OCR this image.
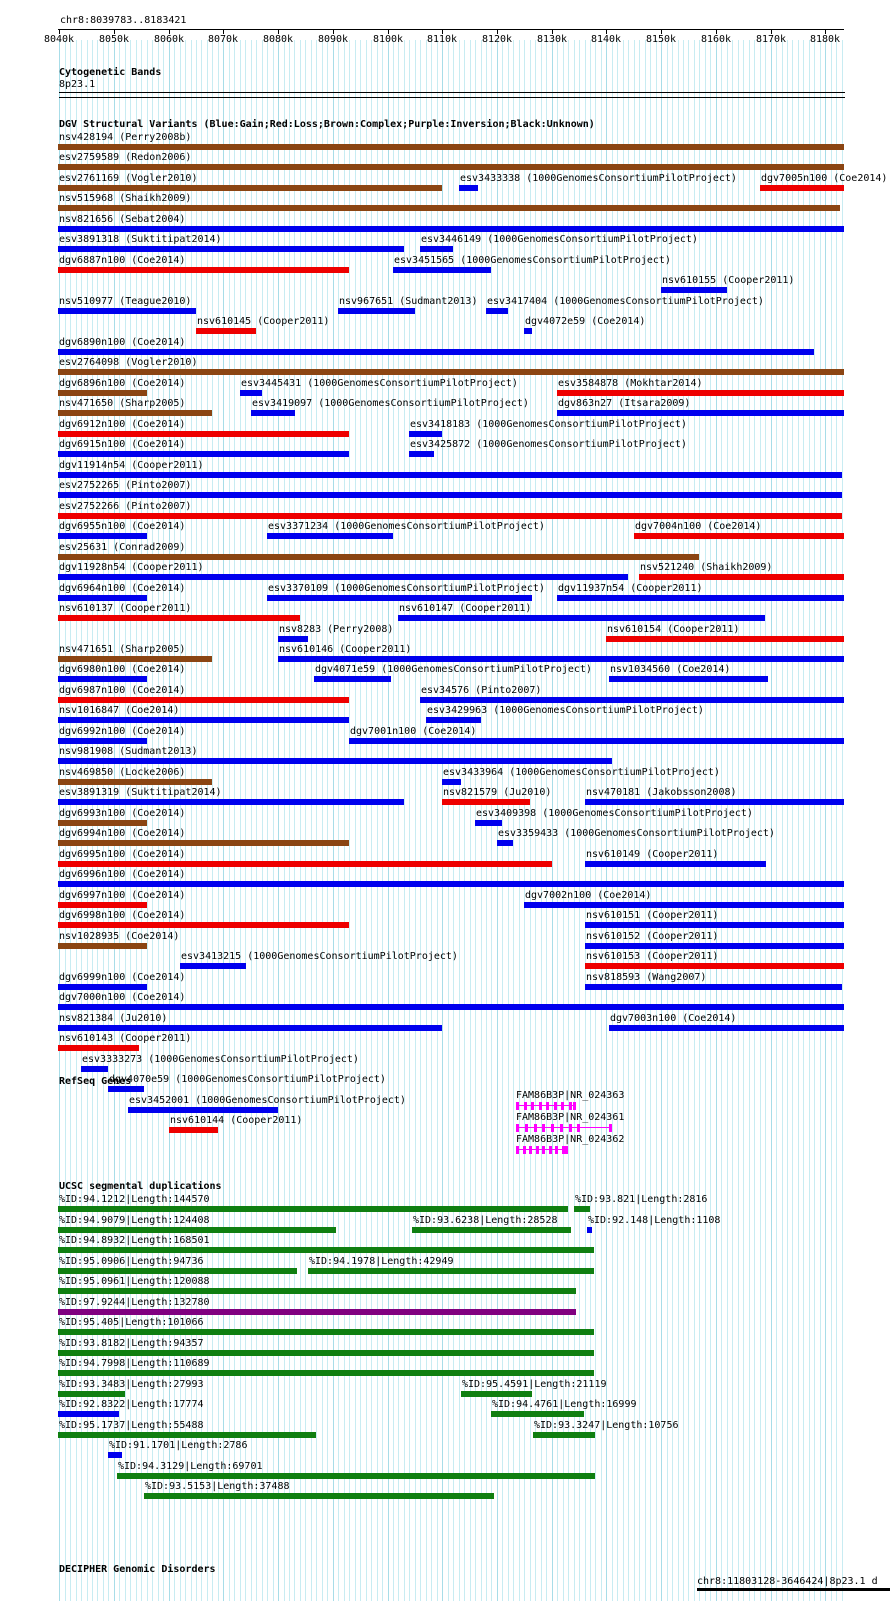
chr8:8039783..8183421
8040k 8050k 8060k 8070k 8080k 8090k 8100k 8110k 8120k 8130k 8140k 8150k 8160k 8170k 8180k
Cytogenetic Bands
8p23.1
DGV Structural Variants (Blue:Gain;Red:Loss;Brown:Complex;Purple:Inversion;Black:Unknown)
nsv428194 (Perry2008b)
esv2759589 (Redon2006)
esv2761169 (Vogler2010)	esv3433338 (1000GenomesConsortiumPilotProject) dgv7005n100 (Coe2014)
nsv515968 (Shaikh2009)
nsv821656 (Sebat2004)
esv3891318 (Suktitipat2014)	esv3446149 (1000GenomesConsortiumPilotProject)
dgv6887n100 (Coe2014)	esv3451565 (1000GenomesConsortiumPilotProject)
nsv610155 (Cooper2011)
nsv510977 (Teague2010)
nsv610145 (Cooper2011)
nsv967651 (Sudmant2013) esv3417404 (1000GenomesConsortiumPilotProject)
dgv6890n100 (Coe2014)
esv2764098 (Vogler2010)
dgv6896n100 (Coe2014)	esv3445431 (1000GenomesConsortiumPilotProject)
dgv4072e59 (Coe2014)
nsv471650 (Sharp2005)	esv3419097 (1000GenomesConsortiumPilotProject)
esv3584878 (Mokhtar2014)
dgv6912n100 (Coe2014)	esv3418183 (1000GenomesConsortiumPilotProject)
dgv6915n100 (Coe2014)	esv3425872 (1000GenomesConsortiumPilotProject)
dgv11914n54 (Cooper2011)
esv2752265 (Pinto2007)
esv2752266 (Pinto2007)
dgv6955n100 (Coe2014)	esv3371234 (1000GenomesConsortiumPilotProject)
dgv863n27 (Itsara2009)
esv25631 (Conrad2009)
dgv11928n54 (Cooper2011)
dgv7004n100 (Coe2014)
dgv6964n100 (Coe2014)	esv3370109 (1000GenomesConsortiumPilotProject) dgv11937n54 (Cooper2011)
nsv610137 (Cooper2011)
nsv8283 (Perry2008)
nsv610147 (Cooper2011)
nsv471651 (Sharp2005)	nsv610146 (Cooper2011)
dgv6980n100 (Coe2014)	dgv4071e59 (1000GenomesConsortiumPilotProject)
nsv610154 (Cooper2011)
dgv6987n100 (Coe2014)	esv34576 (Pinto2007)
nsv1016847 (Coe2014)	esv3429963 (1000GenomesConsortiumPilotProject)
dgv6992n100 (Coe2014)	dgv7001n100 (Coe2014)
nsv981908 (Sudmant2013)
nsv521240 (Shaikh2009)
nsv469850 (Locke2006)	esv3433964 (1000GenomesConsortiumPilotProject)
esv3891319 (Suktitipat2014)	nsv821579 (Ju2010)	nsv470181 (Jakobsson2008)
dgv6993n100 (Coe2014)	esv3409398 (1000GenomesConsortiumPilotProject)
dgv6994n100 (Coe2014)	esv3359433 (1000GenomesConsortiumPilotProject)
dgv6995n100 (Coe2014)	nsv610149 (Cooper2011)
dgv6996n100 (Coe2014)
dgv6997n100 (Coe2014)	dgv7002n100 (Coe2014)
dgv6998n100 (Coe2014)	nsv610151 (Cooper2011)
nsv1028935 (Coe2014)
esv3413215 (1000GenomesConsortiumPilotProject)
nsv610152 (Cooper2011)
dgv6999n100 (Coe2014)
nsv610153 (Cooper2011)
dgv7000n100 (Coe2014)
nsv821384 (Ju2010)
nsv818593 (Wang2007)
nsv610143 (Cooper2011)
nsv1034560 (Coe2014)
esv3333273 (1000GenomesConsortiumPilotProject)
dgv7003n100 (Coe2014)
dgv4070e59 (1000GenomesConsortiumPilotProject)
esv3452001 (1000GenomesConsortiumPilotProject)
nsv610144 (Cooper2011)
RefSeq Genes
FAM86B3P|NR_024363
FAM86B3P|NR_024361
FAM86B3P|NR_024362
UCSC segmental duplications
%ID:94.1212|Length:144570	%ID:93.821|Length:2816
%ID:94.9079|Length:124408	%ID:93.6238|Length:28528	%ID:92.148|Length:1108
%ID:94.8932|Length:168501
%ID:95.0906|Length:94736	%ID:94.1978|Length:42949
%ID:95.0961|Length:120088
%ID:97.9244|Length:132780
%ID:95.405|Length:101066
%ID:93.8182|Length:94357
%ID:94.7998|Length:110689
%ID:93.3483|Length:27993	%ID:95.4591|Length:21119
%ID:92.8322|Length:17774	%ID:94.4761|Length:16999
%ID:95.1737|Length:55488	%ID:93.3247|Length:10756
%ID:91.1701|Length:2786
%ID:94.3129|Length:69701
%ID:93.5153|Length:37488
DECIPHER Genomic Disorders
chr8:11803128-3646424|8p23.1 d
